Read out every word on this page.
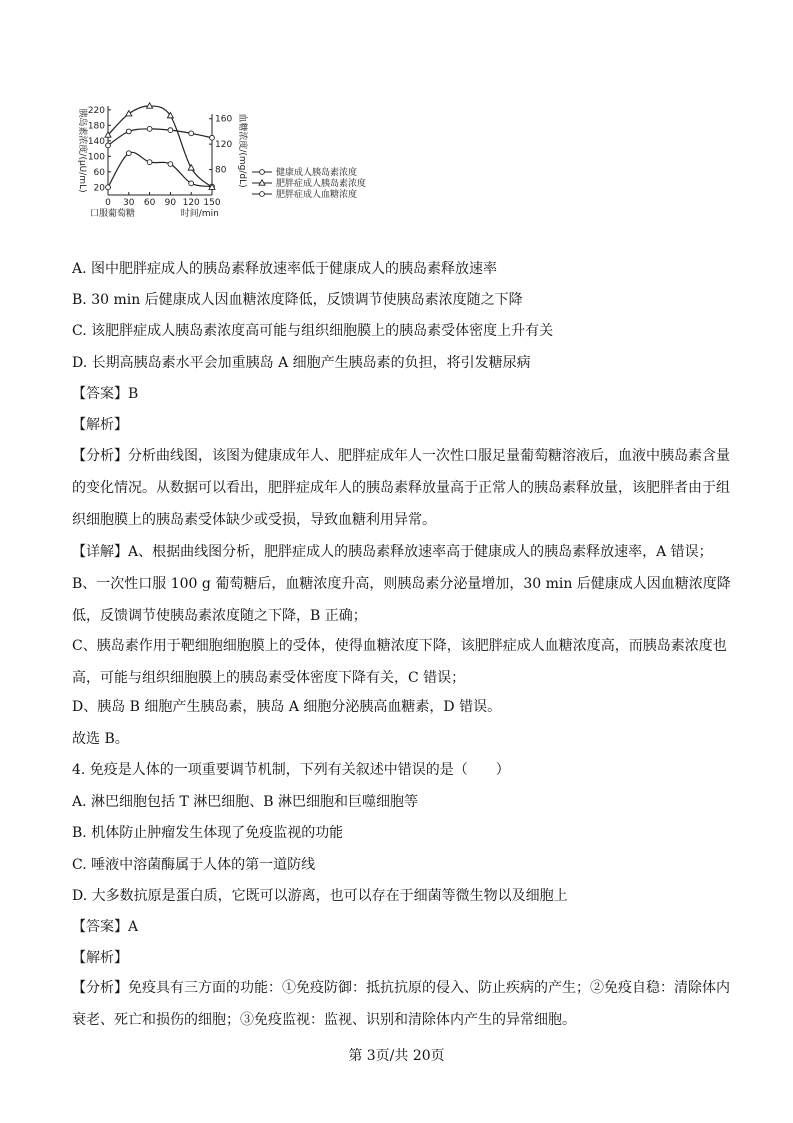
0 30 60 90 120 150
20
60
100
140
180
220
80
120
160
胰岛素浓度/(μU/mL)	血糖浓度/(mg/dL)
口服葡萄糖	时间/min
健康成人胰岛素浓度
肥胖症成人胰岛素浓度
肥胖症成人血糖浓度
A. 图中肥胖症成人的胰岛素释放速率低于健康成人的胰岛素释放速率
B. 30 min 后健康成人因血糖浓度降低，反馈调节使胰岛素浓度随之下降
C. 该肥胖症成人胰岛素浓度高可能与组织细胞膜上的胰岛素受体密度上升有关
D. 长期高胰岛素水平会加重胰岛 A 细胞产生胰岛素的负担，将引发糖尿病
【答案】B
【解析】
【分析】分析曲线图，该图为健康成年人、肥胖症成年人一次性口服足量葡萄糖溶液后，血液中胰岛素含量的变化情况。从数据可以看出，肥胖症成年人的胰岛素释放量高于正常人的胰岛素释放量，该肥胖者由于组织细胞膜上的胰岛素受体缺少或受损，导致血糖利用异常。
【详解】A、根据曲线图分析，肥胖症成人的胰岛素释放速率高于健康成人的胰岛素释放速率，A 错误；
B、一次性口服 100 g 葡萄糖后，血糖浓度升高，则胰岛素分泌量增加，30 min 后健康成人因血糖浓度降低，反馈调节使胰岛素浓度随之下降，B 正确；
C、胰岛素作用于靶细胞细胞膜上的受体，使得血糖浓度下降，该肥胖症成人血糖浓度高，而胰岛素浓度也高，可能与组织细胞膜上的胰岛素受体密度下降有关，C 错误；
D、胰岛 B 细胞产生胰岛素，胰岛 A 细胞分泌胰高血糖素，D 错误。
故选 B。
4. 免疫是人体的一项重要调节机制，下列有关叙述中错误的是（　　）
A. 淋巴细胞包括 T 淋巴细胞、B 淋巴细胞和巨噬细胞等
B. 机体防止肿瘤发生体现了免疫监视的功能
C. 唾液中溶菌酶属于人体的第一道防线
D. 大多数抗原是蛋白质，它既可以游离，也可以存在于细菌等微生物以及细胞上
【答案】A
【解析】
【分析】免疫具有三方面的功能：①免疫防御：抵抗抗原的侵入、防止疾病的产生；②免疫自稳：清除体内衰老、死亡和损伤的细胞；③免疫监视：监视、识别和清除体内产生的异常细胞。
第 3页/共 20页
